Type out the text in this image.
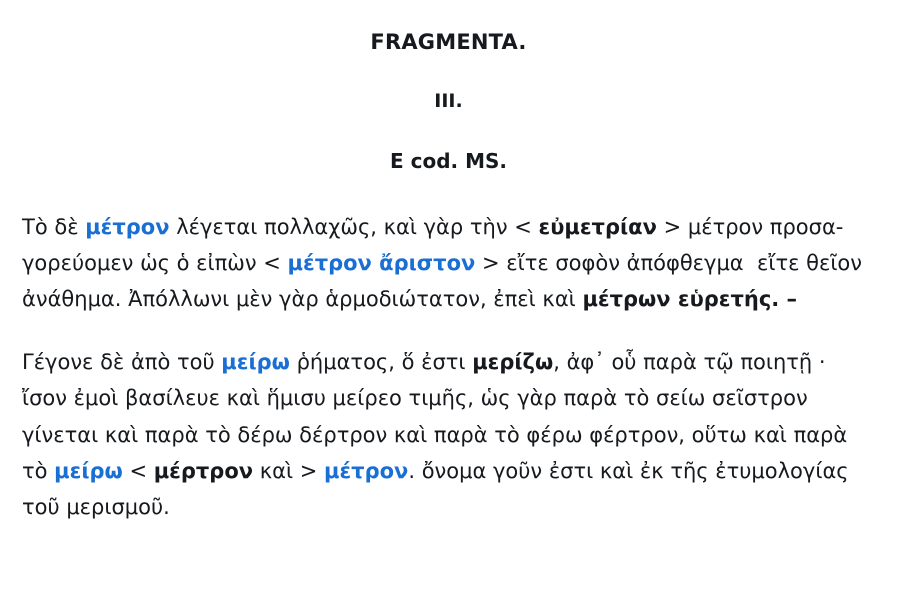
FRAGMENTA.
III.
E cod. MS.

Τὸ δὲ μέτρον λέγεται πολλαχῶς, καὶ γὰρ τὴν < εὐμετρίαν > μέτρον προσα-γορεύομεν ὡς ὁ εἰπὼν < μέτρον ἄριστον > εἴτε σοφὸν ἀπόφθεγμα  εἴτε θεῖον ἀνάθημα. Ἀπόλλωνι μὲν γὰρ ἁρμοδιώτατον, ἐπεὶ καὶ μέτρων εὑρετής. –

Γέγονε δὲ ἀπὸ τοῦ μείρω ῥήματος, ὅ ἐστι μερίζω, ἀφ᾽ οὗ παρὰ τῷ ποιητῇ · ἴσον ἐμοὶ βασίλευε καὶ ἥμισυ μείρεο τιμῆς, ὡς γὰρ παρὰ τὸ σείω σεῖστρον γίνεται καὶ παρὰ τὸ δέρω δέρτρον καὶ παρὰ τὸ φέρω φέρτρον, οὕτω καὶ παρὰ τὸ μείρω < μέρτρον καὶ > μέτρον. ὄνομα γοῦν ἐστι καὶ ἐκ τῆς ἐτυμολογίας τοῦ μερισμοῦ.
